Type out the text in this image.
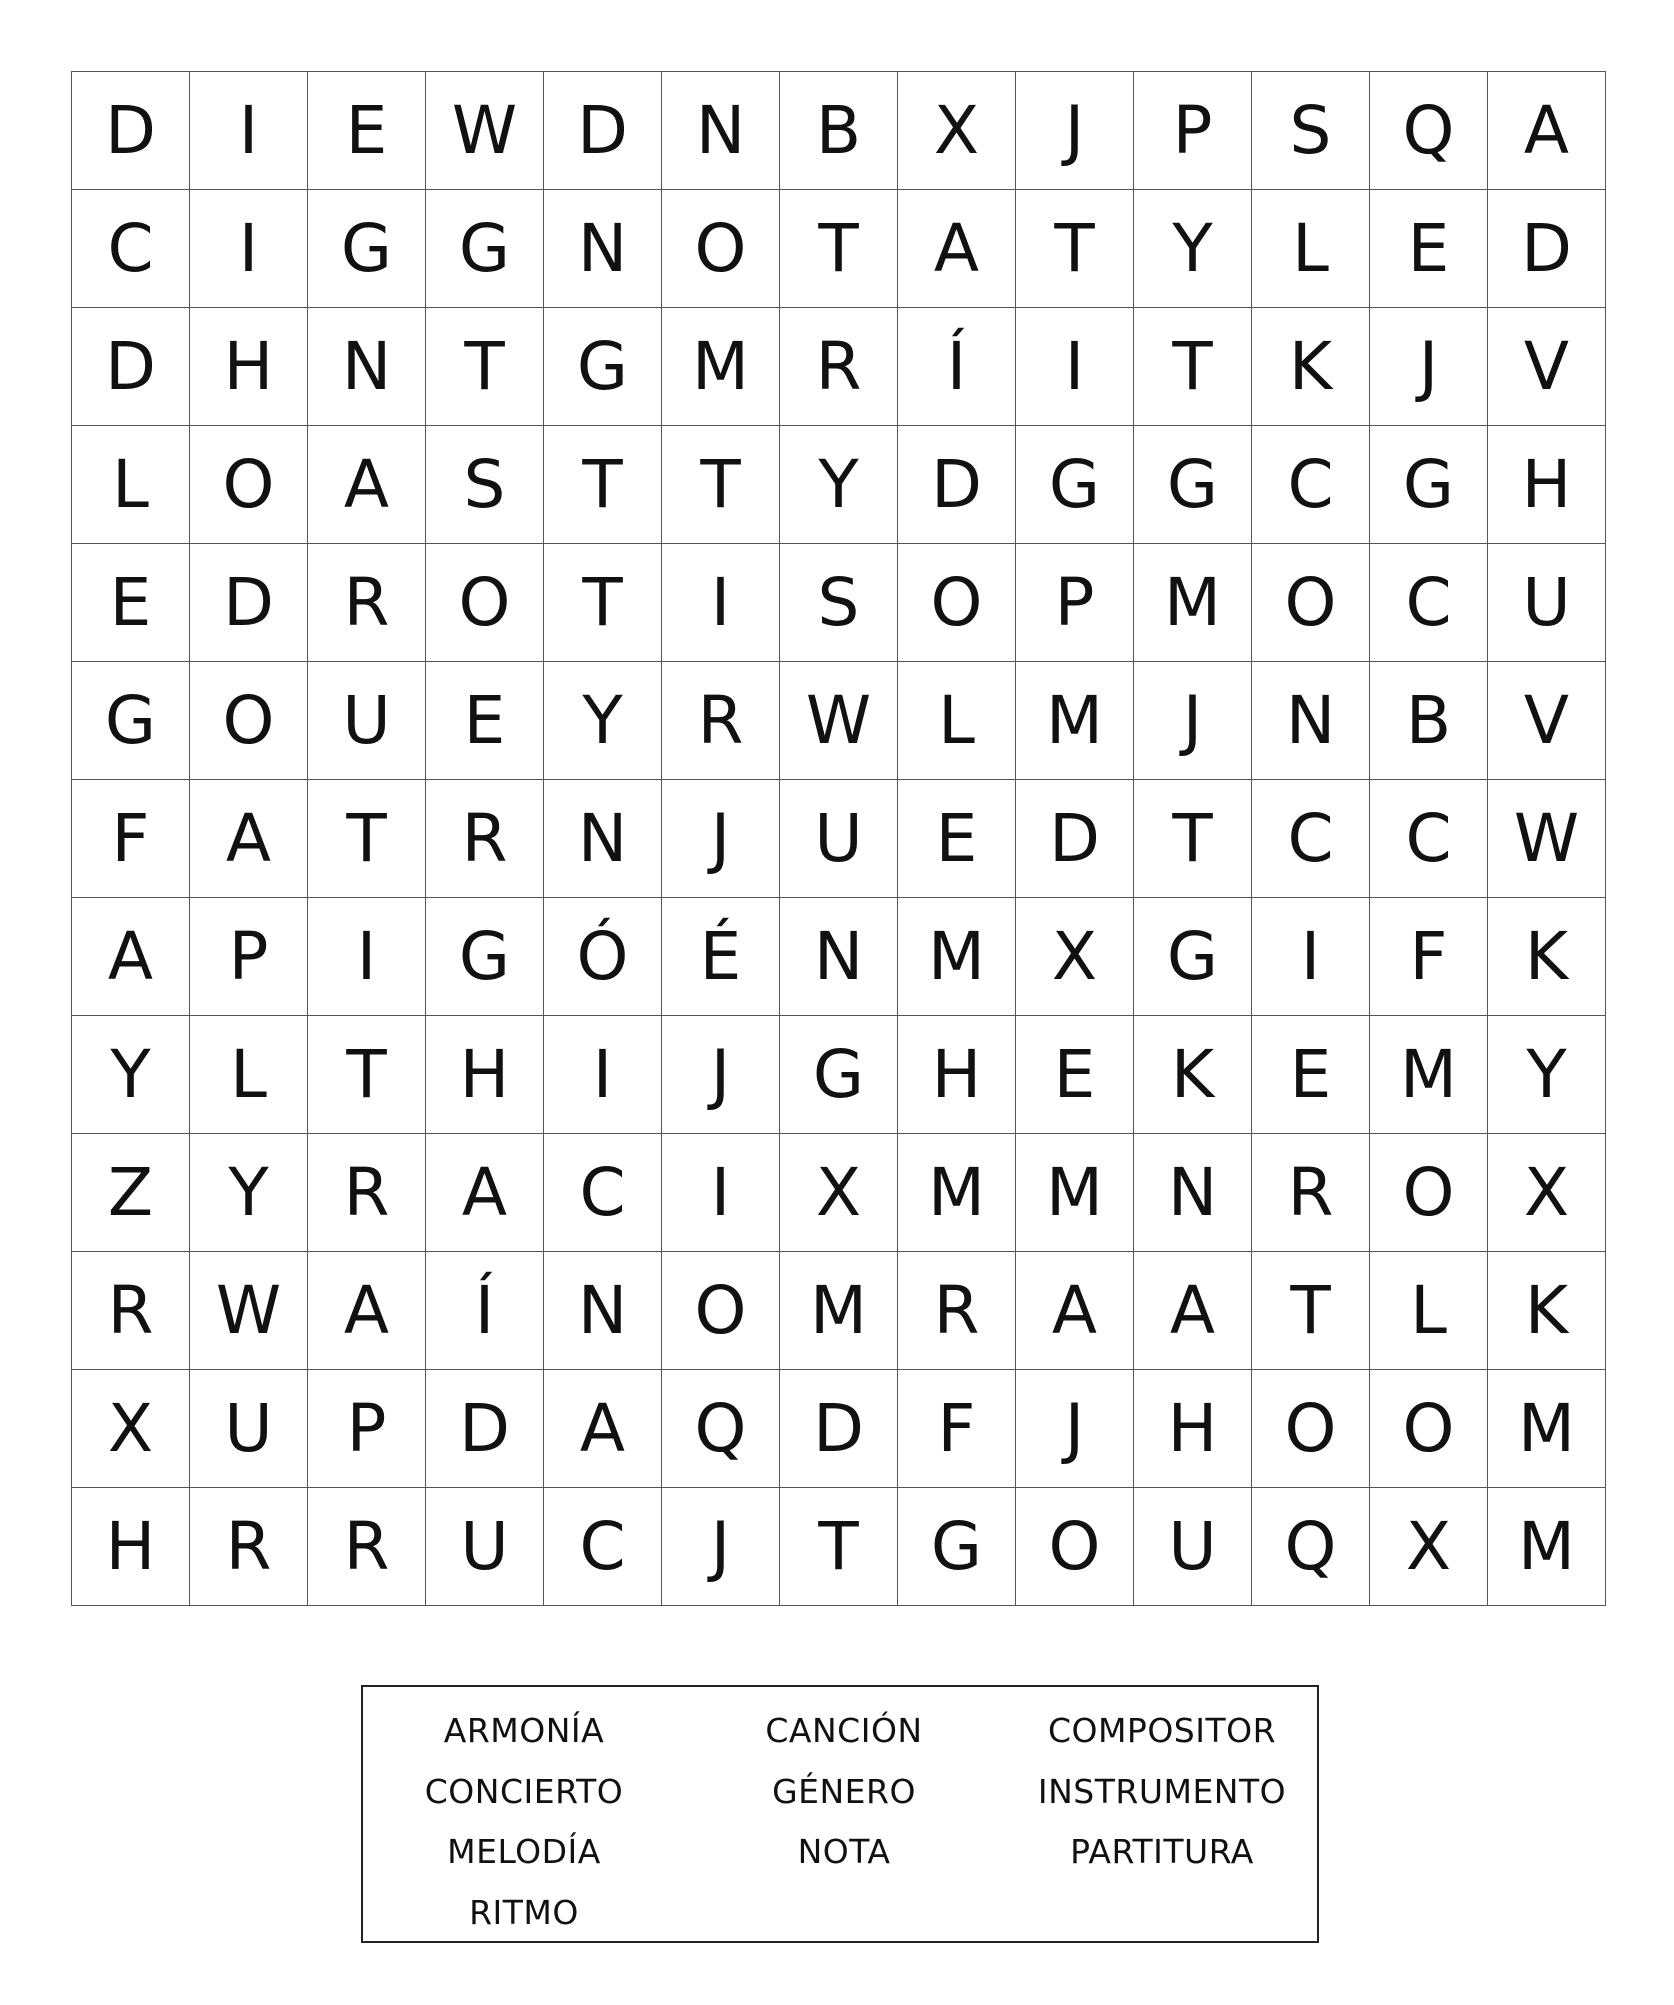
D	I	E	W	D	N	B	X	J	P	S	Q	A
C	I	G	G	N	O	T	A	T	Y	L	E	D
D	H	N	T	G	M	R	Í	I	T	K	J	V
L	O	A	S	T	T	Y	D	G	G	C	G	H
E	D	R	O	T	I	S	O	P	M	O	C	U
G	O	U	E	Y	R	W	L	M	J	N	B	V
F	A	T	R	N	J	U	E	D	T	C	C	W
A	P	I	G	Ó	É	N	M	X	G	I	F	K
Y	L	T	H	I	J	G	H	E	K	E	M	Y
Z	Y	R	A	C	I	X	M	M	N	R	O	X
R	W	A	Í	N	O	M	R	A	A	T	L	K
X	U	P	D	A	Q	D	F	J	H	O	O	M
H	R	R	U	C	J	T	G	O	U	Q	X	M
ARMONÍA	CANCIÓN	COMPOSITOR
CONCIERTO	GÉNERO	INSTRUMENTO
MELODÍA	NOTA	PARTITURA
RITMO
